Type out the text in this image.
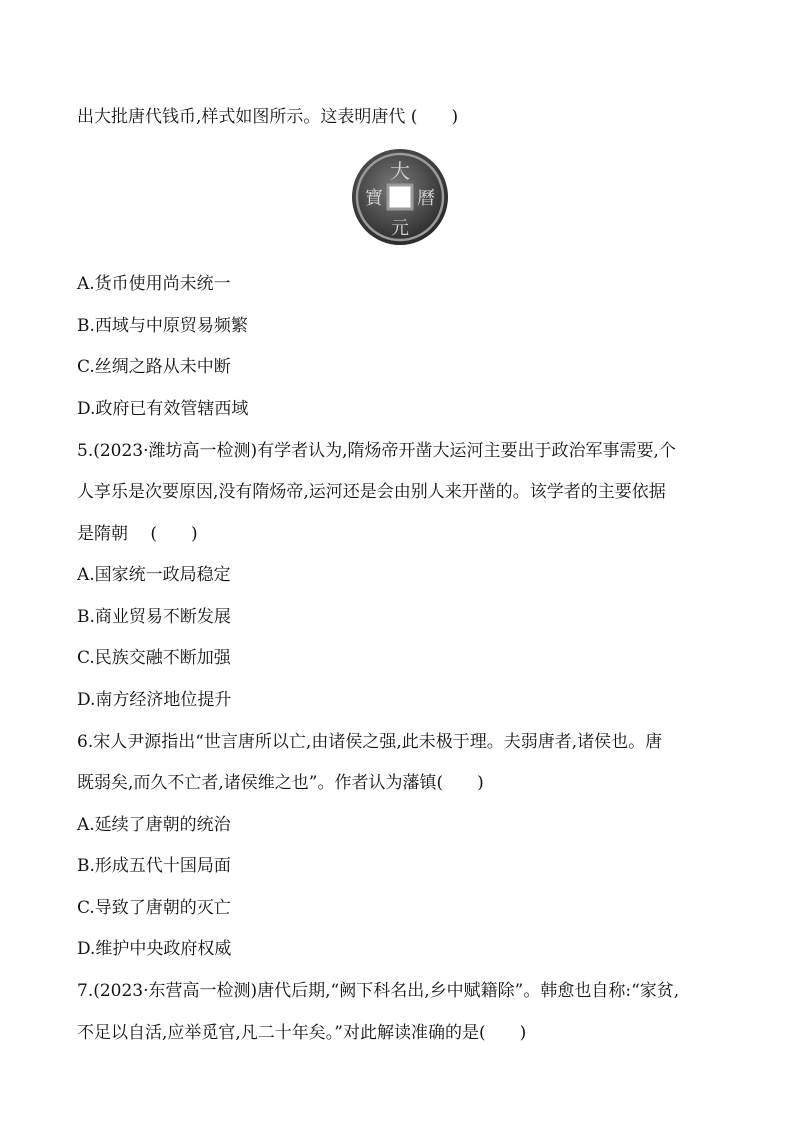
出大批唐代钱币,样式如图所示。这表明唐代 (　　)
大
曆
元
寶
A.货币使用尚未统一
B.西域与中原贸易频繁
C.丝绸之路从未中断
D.政府已有效管辖西域
5.(2023·潍坊高一检测)有学者认为,隋炀帝开凿大运河主要出于政治军事需要,个
人享乐是次要原因,没有隋炀帝,运河还是会由别人来开凿的。该学者的主要依据
是隋朝　 (　　)
A.国家统一政局稳定
B.商业贸易不断发展
C.民族交融不断加强
D.南方经济地位提升
6.宋人尹源指出“世言唐所以亡,由诸侯之强,此未极于理。夫弱唐者,诸侯也。唐
既弱矣,而久不亡者,诸侯维之也”。作者认为藩镇(　　)
A.延续了唐朝的统治
B.形成五代十国局面
C.导致了唐朝的灭亡
D.维护中央政府权威
7.(2023·东营高一检测)唐代后期,“阙下科名出,乡中赋籍除”。韩愈也自称:“家贫,
不足以自活,应举觅官,凡二十年矣。”对此解读准确的是(　　)
